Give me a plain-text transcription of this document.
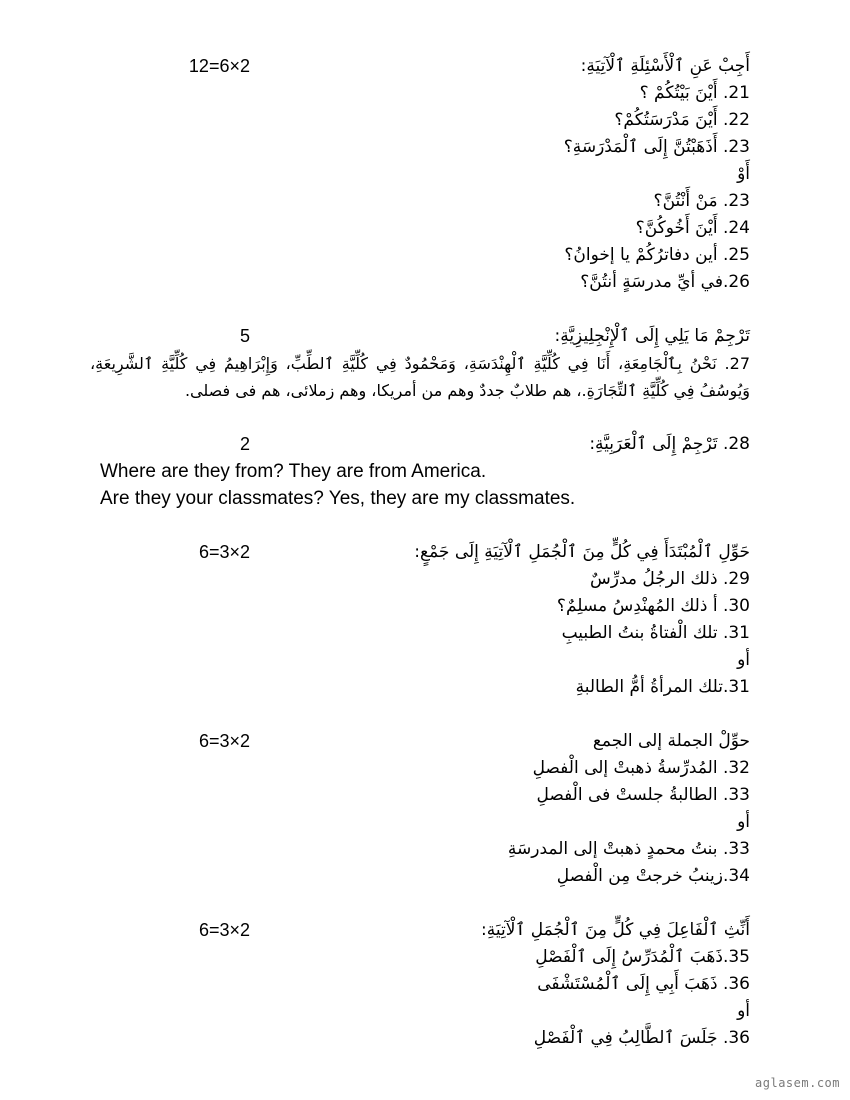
أَجِبْ عَنِ ٱلْأَسْئِلَةِ ٱلْآتِيَةِ:
12=6×2
21. أَيْنَ بَيْتُكُمْ ؟
22. أَيْنَ مَدْرَسَتُكُمْ؟
23. أَذَهَبْتُنَّ إِلَى ٱلْمَدْرَسَةِ؟
أَوْ
23. مَنْ أَنْتُنَّ؟
24. أَيْنَ أَخُوكُنَّ؟
25. أين دفاترُكُمْ يا إخوانُ؟
26.في أيِّ مدرسَةٍ أنتُنَّ؟
تَرْجِمْ مَا يَلِي إِلَى ٱلْإِنْجِلِيزِيَّةِ:
5
27. نَحْنُ بِٱلْجَامِعَةِ، أَنَا فِي كُلِّيَّةِ ٱلْهِنْدَسَةِ، وَمَحْمُودٌ فِي كُلِّيَّةِ ٱلطِّبِّ، وَإِبْرَاهِيمُ فِي كُلِّيَّةِ ٱلشَّرِيعَةِ، وَيُوسُفُ فِي كُلِّيَّةِ ٱلتِّجَارَةِ.، هم طلابٌ جددٌ وهم من أمريكا، وهم زملائى، هم فى فصلى.
28. تَرْجِمْ إِلَى ٱلْعَرَبِيَّةِ:
2
Where are they from? They are from America.
Are they your classmates? Yes, they are my classmates.
حَوِّلِ ٱلْمُبْتَدَأَ فِي كُلٍّ مِنَ ٱلْجُمَلِ ٱلْآتِيَةِ إِلَى جَمْعٍ:
6=3×2
29. ذلك الرجُلُ مدرِّسٌ
30. أ ذلك المُهنْدِسُ مسلِمٌ؟
31. تلك الْفتاةُ بنتُ الطبيبِ
أو
31.تلك المرأةُ أمُّ الطالبةِ
حوِّلْ الجملة إلى الجمع
6=3×2
32. المُدرِّسةُ ذهبتْ إلى الْفصلِ
33. الطالبةُ جلستْ فى الْفصلِ
أو
33. بنتُ محمدٍ ذهبتْ إلى المدرسَةِ
34.زينبُ خرجتْ مِن الْفصلِ
أَنِّثِ ٱلْفَاعِلَ فِي كُلٍّ مِنَ ٱلْجُمَلِ ٱلْآتِيَةِ:
6=3×2
35.ذَهَبَ ٱلْمُدَرِّسُ إِلَى ٱلْفَصْلِ
36. ذَهَبَ أَبِي إِلَى ٱلْمُسْتَشْفَى
أو
36. جَلَسَ ٱلطَّالِبُ فِي ٱلْفَصْلِ
aglasem.com
